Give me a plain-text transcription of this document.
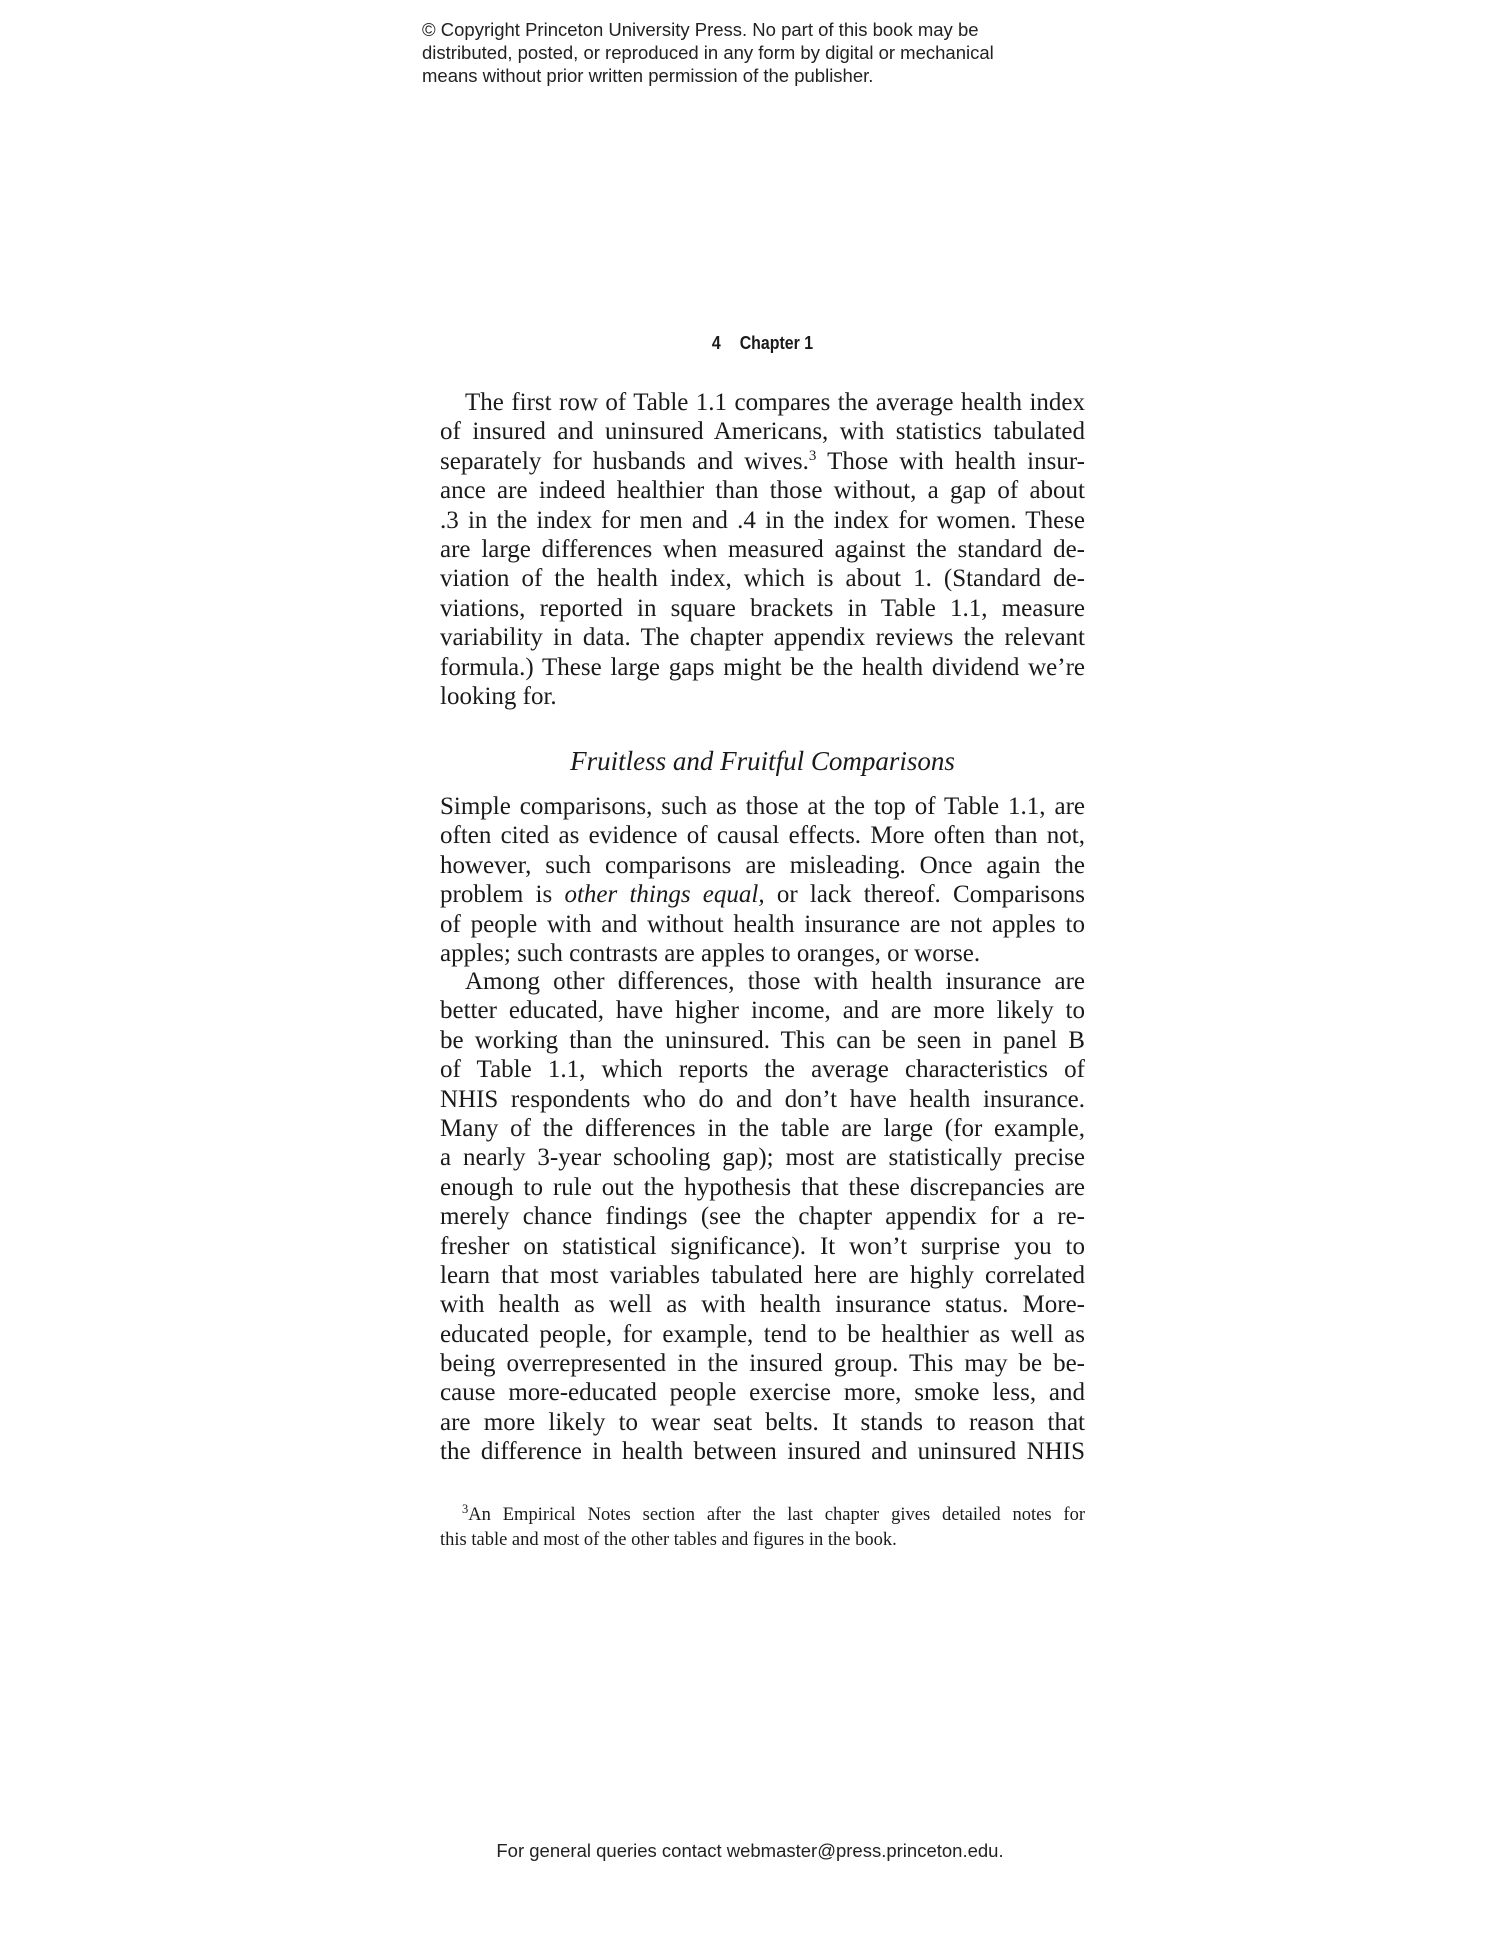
© Copyright Princeton University Press. No part of this book may be
distributed, posted, or reproduced in any form by digital or mechanical
means without prior written permission of the publisher.
4 Chapter 1
The first row of Table 1.1 compares the average health index
of insured and uninsured Americans, with statistics tabulated
separately for husbands and wives.$^3$ Those with health insur-
ance are indeed healthier than those without, a gap of about
.3 in the index for men and .4 in the index for women. These
are large differences when measured against the standard de-
viation of the health index, which is about 1. (Standard de-
viations, reported in square brackets in Table 1.1, measure
variability in data. The chapter appendix reviews the relevant
formula.) These large gaps might be the health dividend we’re
looking for.
Fruitless and Fruitful Comparisons
Simple comparisons, such as those at the top of Table 1.1, are
often cited as evidence of causal effects. More often than not,
however, such comparisons are misleading. Once again the
problem is other things equal, or lack thereof. Comparisons
of people with and without health insurance are not apples to
apples; such contrasts are apples to oranges, or worse.
Among other differences, those with health insurance are
better educated, have higher income, and are more likely to
be working than the uninsured. This can be seen in panel B
of Table 1.1, which reports the average characteristics of
NHIS respondents who do and don’t have health insurance.
Many of the differences in the table are large (for example,
a nearly 3-year schooling gap); most are statistically precise
enough to rule out the hypothesis that these discrepancies are
merely chance findings (see the chapter appendix for a re-
fresher on statistical significance). It won’t surprise you to
learn that most variables tabulated here are highly correlated
with health as well as with health insurance status. More-
educated people, for example, tend to be healthier as well as
being overrepresented in the insured group. This may be be-
cause more-educated people exercise more, smoke less, and
are more likely to wear seat belts. It stands to reason that
the difference in health between insured and uninsured NHIS
$^3$An Empirical Notes section after the last chapter gives detailed notes for
this table and most of the other tables and figures in the book.
For general queries contact webmaster@press.princeton.edu.
